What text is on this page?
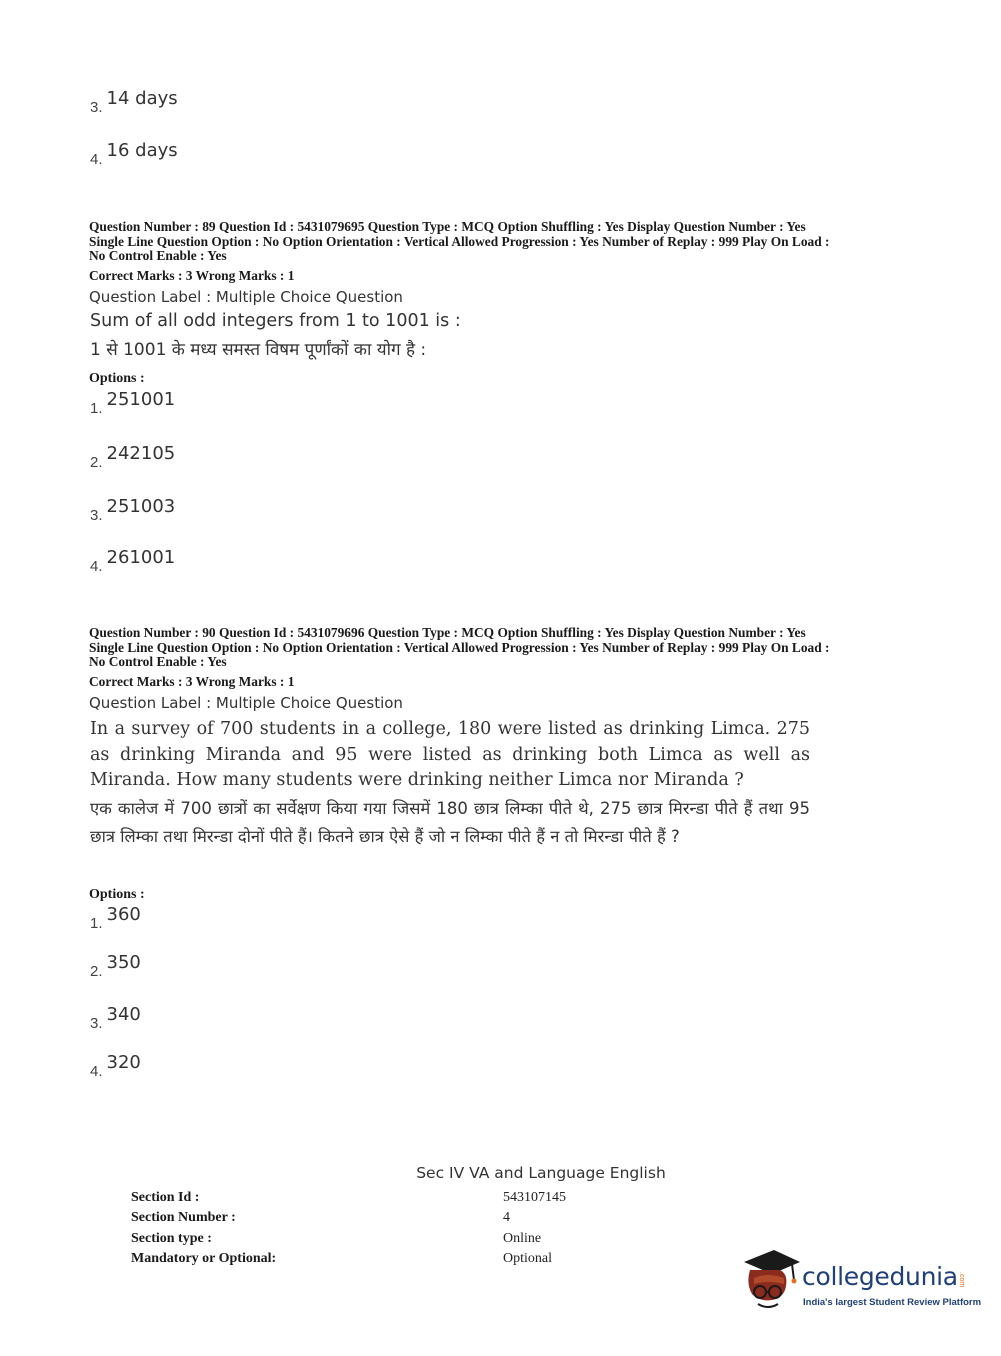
3. 14 days
4. 16 days
Question Number : 89 Question Id : 5431079695 Question Type : MCQ Option Shuffling : Yes Display Question Number : Yes
Single Line Question Option : No Option Orientation : Vertical Allowed Progression : Yes Number of Replay : 999 Play On Load :
No Control Enable : Yes
Correct Marks : 3 Wrong Marks : 1
Question Label : Multiple Choice Question
Sum of all odd integers from 1 to 1001 is :
1 से 1001 के मध्य समस्त विषम पूर्णांकों का योग है :
Options :
1. 251001
2. 242105
3. 251003
4. 261001
Question Number : 90 Question Id : 5431079696 Question Type : MCQ Option Shuffling : Yes Display Question Number : Yes
Single Line Question Option : No Option Orientation : Vertical Allowed Progression : Yes Number of Replay : 999 Play On Load :
No Control Enable : Yes
Correct Marks : 3 Wrong Marks : 1
Question Label : Multiple Choice Question
In a survey of 700 students in a college, 180 were listed as drinking Limca. 275 as drinking Miranda and 95 were listed as drinking both Limca as well as Miranda. How many students were drinking neither Limca nor Miranda ?
एक कालेज में 700 छात्रों का सर्वेक्षण किया गया जिसमें 180 छात्र लिम्का पीते थे, 275 छात्र मिरन्डा पीते हैं तथा 95 छात्र लिम्का तथा मिरन्डा दोनों पीते हैं। कितने छात्र ऐसे हैं जो न लिम्का पीते हैं न तो मिरन्डा पीते हैं ?
Options :
1. 360
2. 350
3. 340
4. 320
Sec IV VA and Language English
Section Id :	543107145
Section Number :	4
Section type :	Online
Mandatory or Optional:	Optional
collegedunia .com
India's largest Student Review Platform
